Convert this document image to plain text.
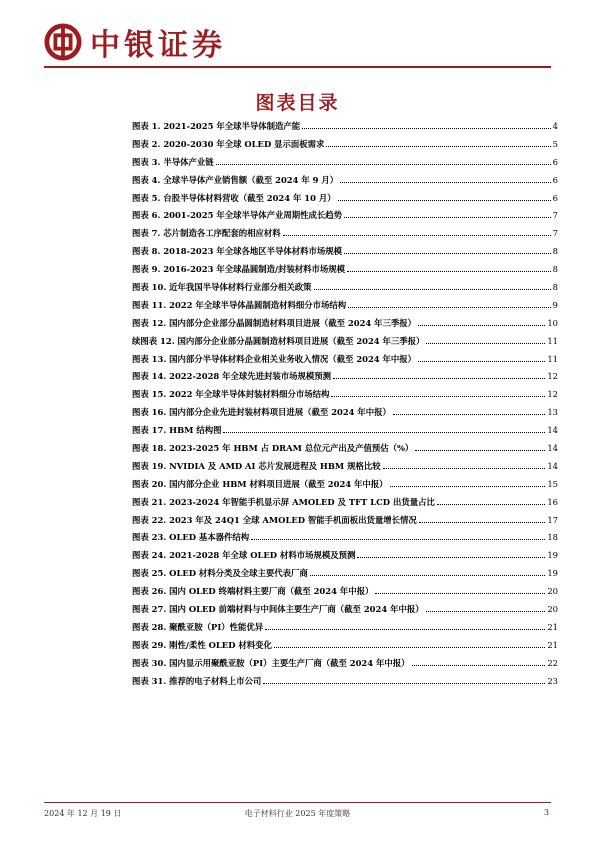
中银证券
图表目录
图表 1. 2021-2025 年全球半导体制造产能	4
图表 2. 2020-2030 年全球 OLED 显示面板需求	5
图表 3. 半导体产业链	6
图表 4. 全球半导体产业销售额（截至 2024 年 9 月）	6
图表 5. 台股半导体材料营收（截至 2024 年 10 月）	6
图表 6. 2001-2025 年全球半导体产业周期性成长趋势	7
图表 7. 芯片制造各工序配套的相应材料	7
图表 8. 2018-2023 年全球各地区半导体材料市场规模	8
图表 9. 2016-2023 年全球晶圆制造/封装材料市场规模	8
图表 10. 近年我国半导体材料行业部分相关政策	8
图表 11. 2022 年全球半导体晶圆制造材料细分市场结构	9
图表 12. 国内部分企业部分晶圆制造材料项目进展（截至 2024 年三季报）	10
续图表 12. 国内部分企业部分晶圆制造材料项目进展（截至 2024 年三季报）	11
图表 13. 国内部分半导体材料企业相关业务收入情况（截至 2024 年中报）	11
图表 14. 2022-2028 年全球先进封装市场规模预测	12
图表 15. 2022 年全球半导体封装材料细分市场结构	12
图表 16. 国内部分企业先进封装材料项目进展（截至 2024 年中报）	13
图表 17. HBM 结构图	14
图表 18. 2023-2025 年 HBM 占 DRAM 总位元产出及产值预估（%）	14
图表 19. NVIDIA 及 AMD AI 芯片发展进程及 HBM 规格比较	14
图表 20. 国内部分企业 HBM 材料项目进展（截至 2024 年中报）	15
图表 21. 2023-2024 年智能手机显示屏 AMOLED 及 TFT LCD 出货量占比	16
图表 22. 2023 年及 24Q1 全球 AMOLED 智能手机面板出货量增长情况	17
图表 23. OLED 基本器件结构	18
图表 24. 2021-2028 年全球 OLED 材料市场规模及预测	19
图表 25. OLED 材料分类及全球主要代表厂商	19
图表 26. 国内 OLED 终端材料主要厂商（截至 2024 年中报）	20
图表 27. 国内 OLED 前端材料与中间体主要生产厂商（截至 2024 年中报）	20
图表 28. 聚酰亚胺（PI）性能优异	21
图表 29. 刚性/柔性 OLED 材料变化	21
图表 30. 国内显示用聚酰亚胺（PI）主要生产厂商（截至 2024 年中报）	22
图表 31. 推荐的电子材料上市公司	23
2024 年 12 月 19 日	电子材料行业 2025 年度策略	3
